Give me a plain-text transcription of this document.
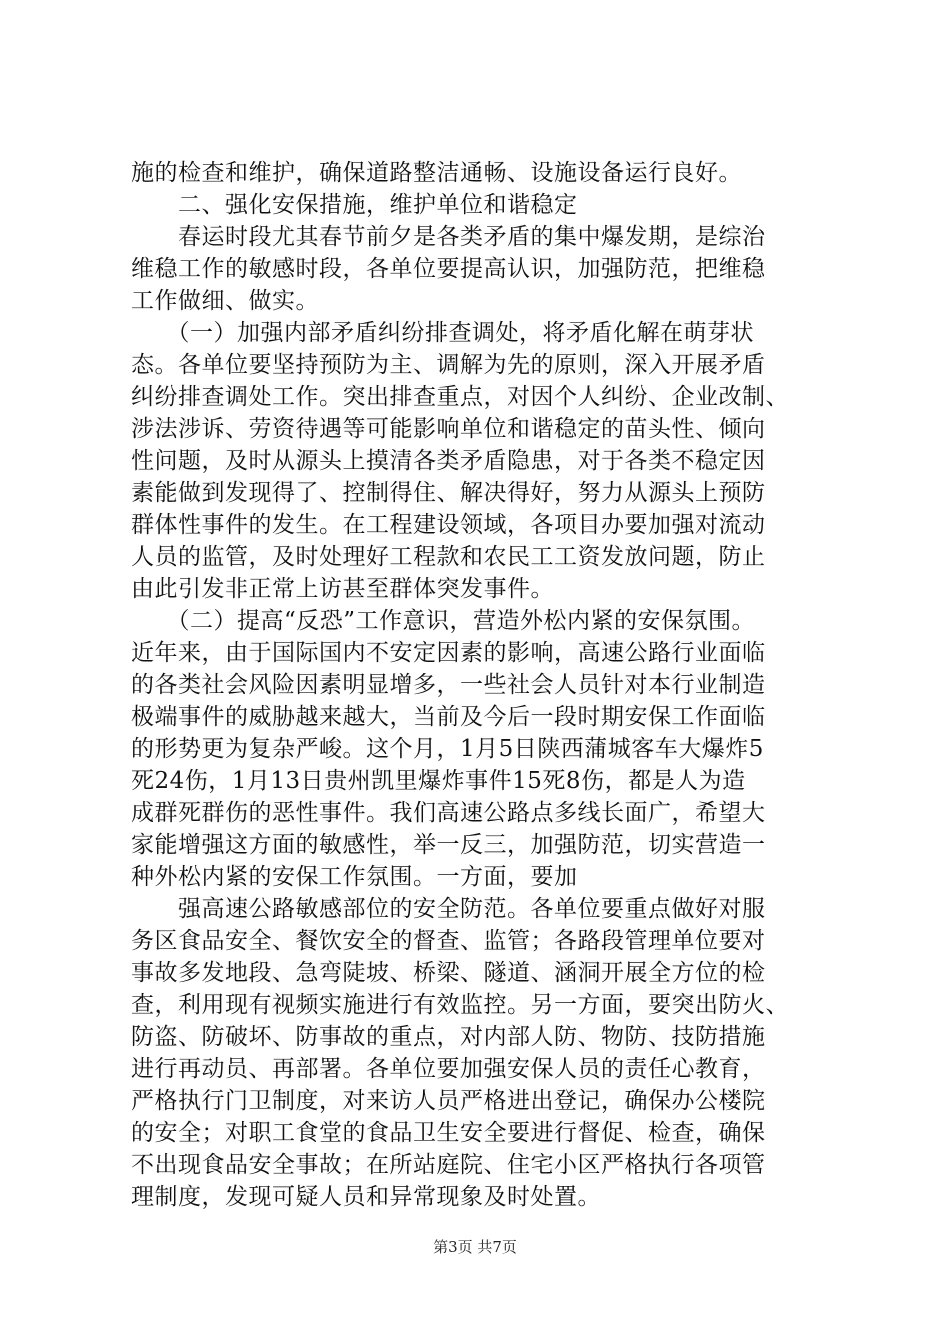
施的检查和维护，确保道路整洁通畅、设施设备运行良好。
　　二、强化安保措施，维护单位和谐稳定
　　春运时段尤其春节前夕是各类矛盾的集中爆发期，是综治
维稳工作的敏感时段，各单位要提高认识，加强防范，把维稳
工作做细、做实。
　　（一）加强内部矛盾纠纷排查调处，将矛盾化解在萌芽状
态。各单位要坚持预防为主、调解为先的原则，深入开展矛盾
纠纷排查调处工作。突出排查重点，对因个人纠纷、企业改制、
涉法涉诉、劳资待遇等可能影响单位和谐稳定的苗头性、倾向
性问题，及时从源头上摸清各类矛盾隐患，对于各类不稳定因
素能做到发现得了、控制得住、解决得好，努力从源头上预防
群体性事件的发生。在工程建设领域，各项目办要加强对流动
人员的监管，及时处理好工程款和农民工工资发放问题，防止
由此引发非正常上访甚至群体突发事件。
　　（二）提高“反恐”工作意识，营造外松内紧的安保氛围。
近年来，由于国际国内不安定因素的影响，高速公路行业面临
的各类社会风险因素明显增多，一些社会人员针对本行业制造
极端事件的威胁越来越大，当前及今后一段时期安保工作面临
的形势更为复杂严峻。这个月，1月5日陕西蒲城客车大爆炸5
死24伤，1月13日贵州凯里爆炸事件15死8伤，都是人为造
成群死群伤的恶性事件。我们高速公路点多线长面广，希望大
家能增强这方面的敏感性，举一反三，加强防范，切实营造一
种外松内紧的安保工作氛围。一方面，要加
　　强高速公路敏感部位的安全防范。各单位要重点做好对服
务区食品安全、餐饮安全的督查、监管；各路段管理单位要对
事故多发地段、急弯陡坡、桥梁、隧道、涵洞开展全方位的检
查，利用现有视频实施进行有效监控。另一方面，要突出防火、
防盗、防破坏、防事故的重点，对内部人防、物防、技防措施
进行再动员、再部署。各单位要加强安保人员的责任心教育，
严格执行门卫制度，对来访人员严格进出登记，确保办公楼院
的安全；对职工食堂的食品卫生安全要进行督促、检查，确保
不出现食品安全事故；在所站庭院、住宅小区严格执行各项管
理制度，发现可疑人员和异常现象及时处置。
第3页 共7页
